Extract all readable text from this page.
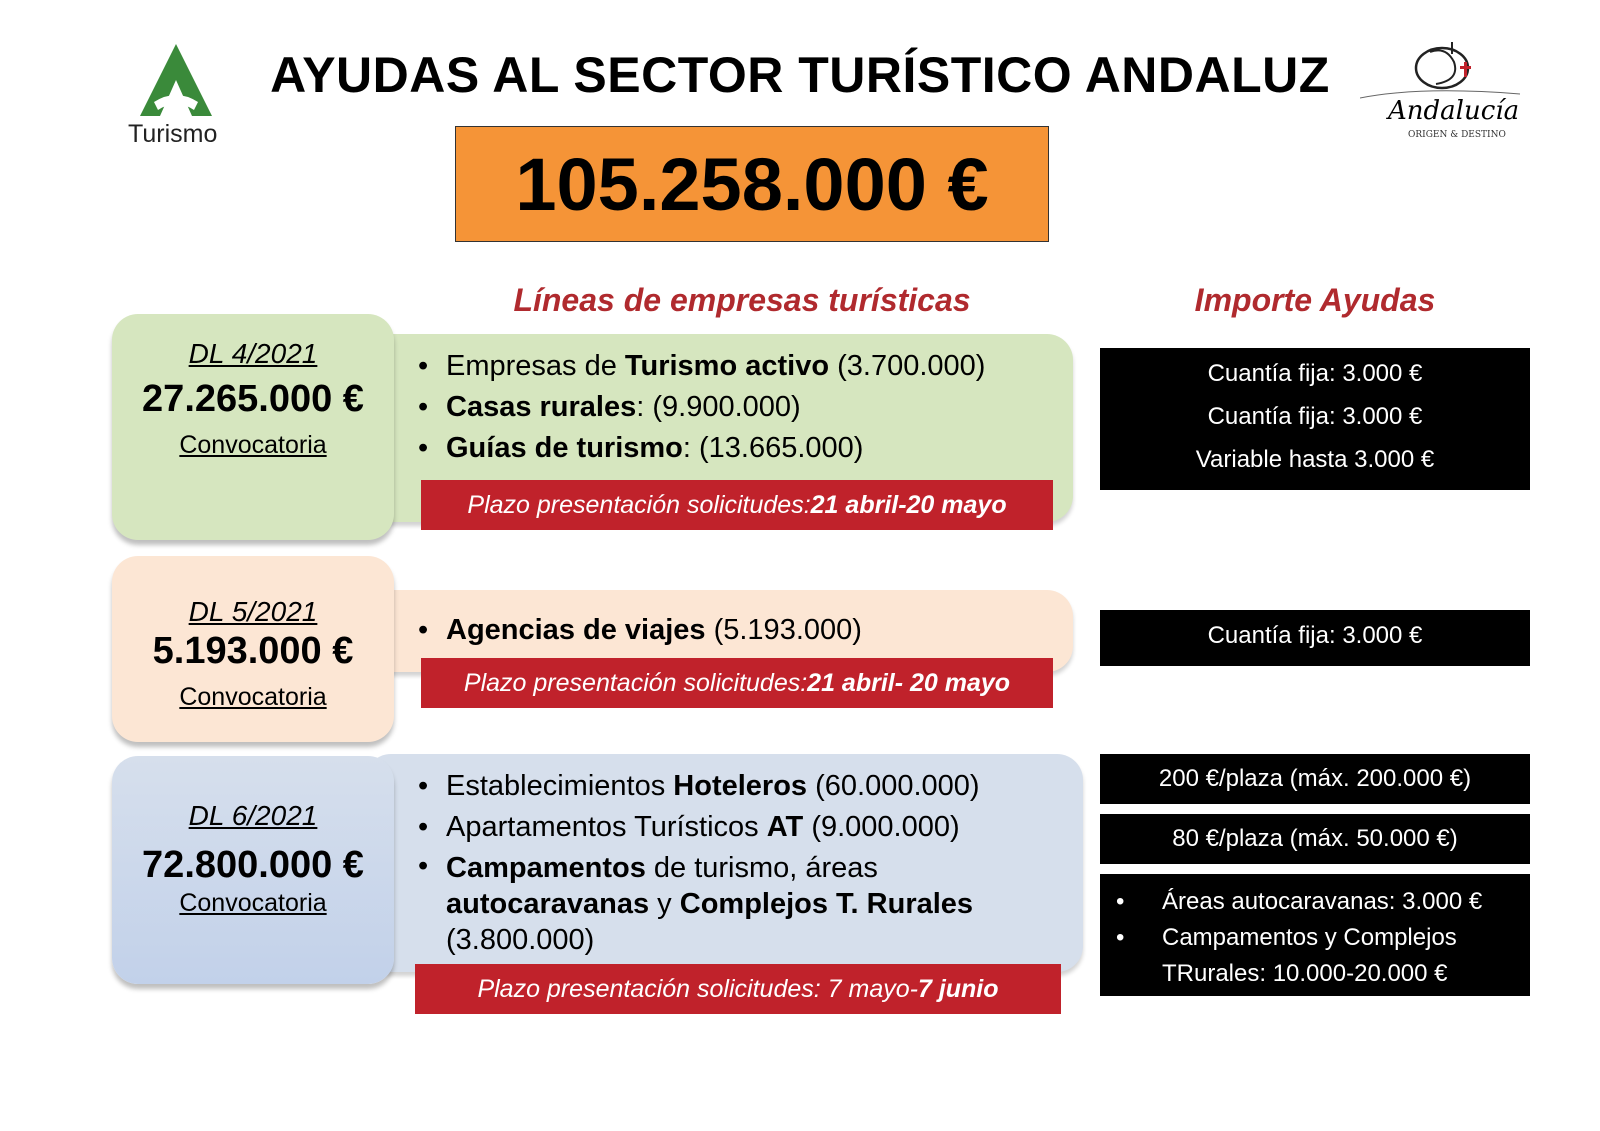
Turismo
AYUDAS AL SECTOR TURÍSTICO ANDALUZ
Andalucía
ORIGEN & DESTINO
105.258.000 €
Líneas de empresas turísticas	Importe Ayudas
DL 4/2021
27.265.000 €
Convocatoria
• Empresas de Turismo activo (3.700.000)
• Casas rurales: (9.900.000)
• Guías de turismo: (13.665.000)
Plazo presentación solicitudes: 21 abril-20 mayo
Cuantía fija: 3.000 €
Cuantía fija: 3.000 €
Variable hasta 3.000 €
DL 5/2021
5.193.000 €
Convocatoria
• Agencias de viajes (5.193.000)
Plazo presentación solicitudes: 21 abril- 20 mayo
Cuantía fija: 3.000 €
DL 6/2021
72.800.000 €
Convocatoria
• Establecimientos Hoteleros (60.000.000)
• Apartamentos Turísticos AT (9.000.000)
• Campamentos de turismo, áreas
autocaravanas y Complejos T. Rurales
(3.800.000)
Plazo presentación solicitudes: 7 mayo- 7 junio
200 €/plaza (máx. 200.000 €)
80 €/plaza (máx. 50.000 €)
• Áreas autocaravanas: 3.000 €
• Campamentos y Complejos
TRurales: 10.000-20.000 €
